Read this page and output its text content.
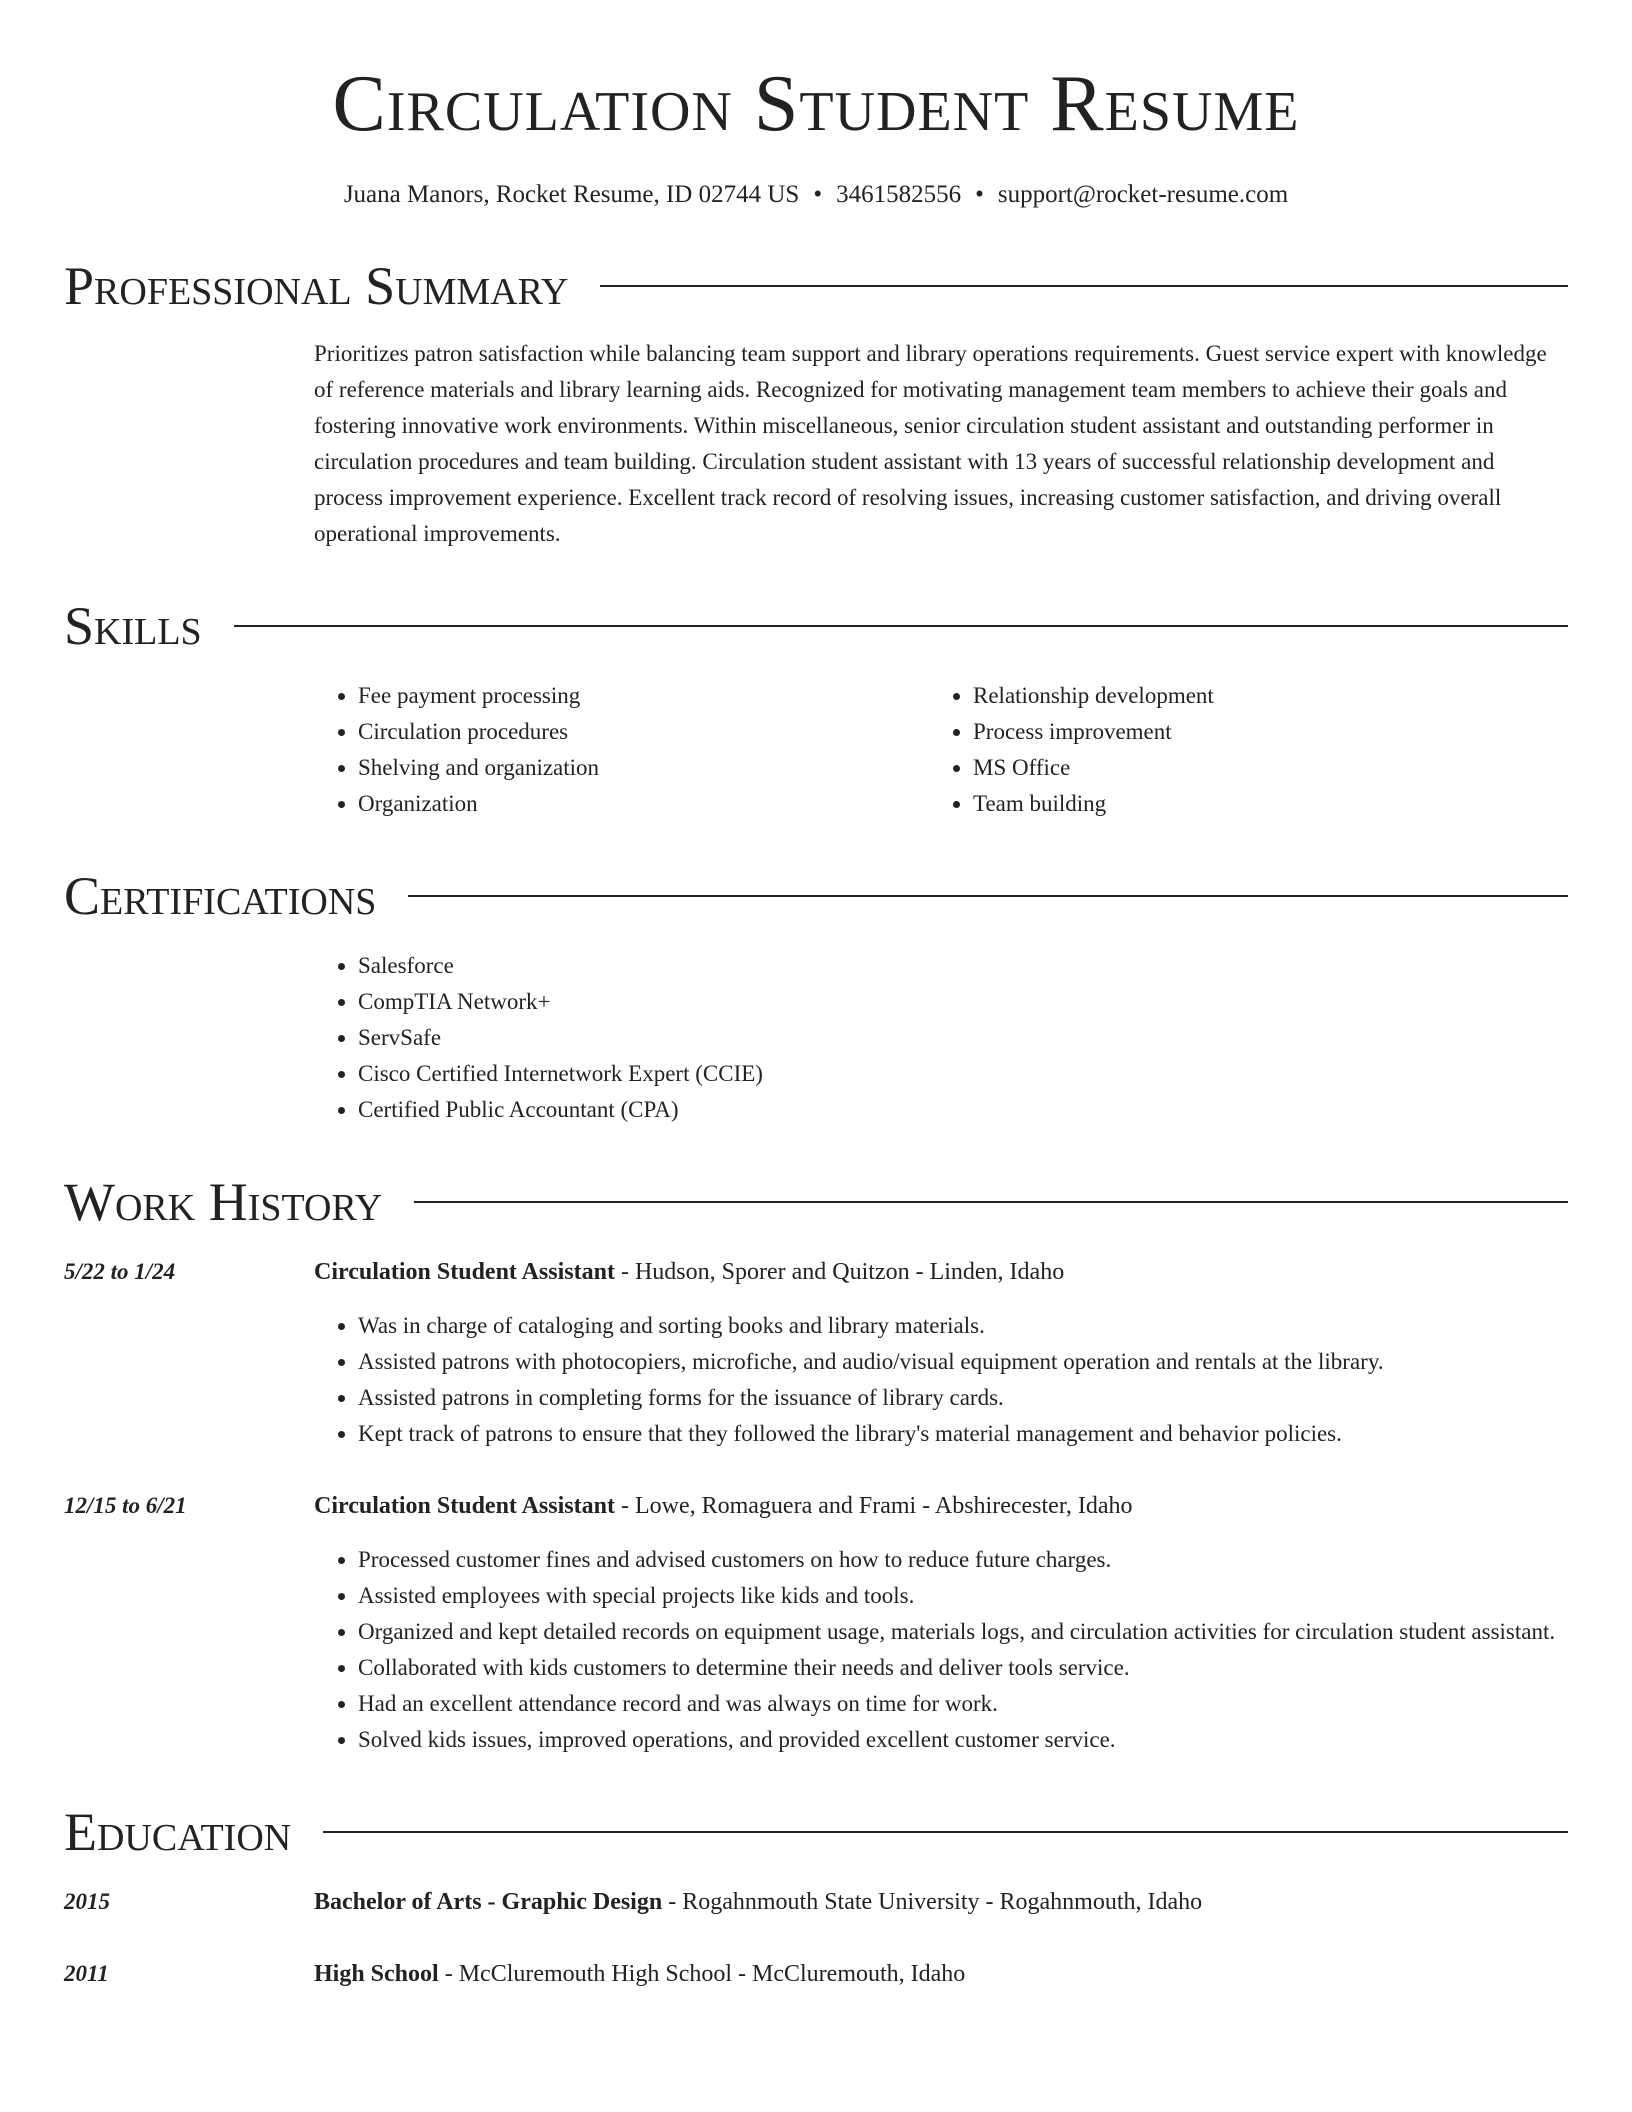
Circulation Student Resume
Juana Manors, Rocket Resume, ID 02744 US • 3461582556 • support@rocket-resume.com
Professional Summary
Prioritizes patron satisfaction while balancing team support and library operations requirements. Guest service expert with knowledge of reference materials and library learning aids. Recognized for motivating management team members to achieve their goals and fostering innovative work environments. Within miscellaneous, senior circulation student assistant and outstanding performer in circulation procedures and team building. Circulation student assistant with 13 years of successful relationship development and process improvement experience. Excellent track record of resolving issues, increasing customer satisfaction, and driving overall operational improvements.
Skills
• Fee payment processing
• Circulation procedures
• Shelving and organization
• Organization
• Relationship development
• Process improvement
• MS Office
• Team building
Certifications
• Salesforce
• CompTIA Network+
• ServSafe
• Cisco Certified Internetwork Expert (CCIE)
• Certified Public Accountant (CPA)
Work History
5/22 to 1/24	Circulation Student Assistant - Hudson, Sporer and Quitzon - Linden, Idaho
• Was in charge of cataloging and sorting books and library materials.
• Assisted patrons with photocopiers, microfiche, and audio/visual equipment operation and rentals at the library.
• Assisted patrons in completing forms for the issuance of library cards.
• Kept track of patrons to ensure that they followed the library's material management and behavior policies.
12/15 to 6/21	Circulation Student Assistant - Lowe, Romaguera and Frami - Abshirecester, Idaho
• Processed customer fines and advised customers on how to reduce future charges.
• Assisted employees with special projects like kids and tools.
• Organized and kept detailed records on equipment usage, materials logs, and circulation activities for circulation student assistant.
• Collaborated with kids customers to determine their needs and deliver tools service.
• Had an excellent attendance record and was always on time for work.
• Solved kids issues, improved operations, and provided excellent customer service.
Education
2015	Bachelor of Arts - Graphic Design - Rogahnmouth State University - Rogahnmouth, Idaho
2011	High School - McCluremouth High School - McCluremouth, Idaho
